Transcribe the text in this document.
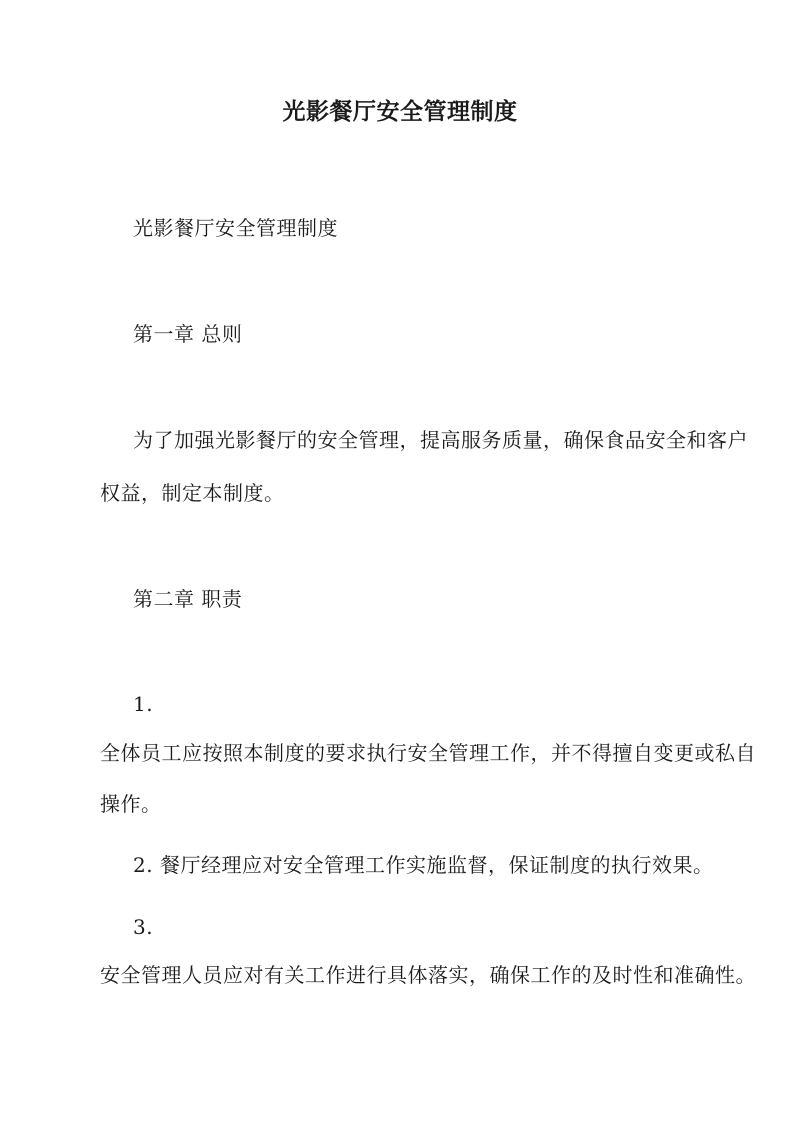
光影餐厅安全管理制度
光影餐厅安全管理制度
第一章 总则
为了加强光影餐厅的安全管理，提高服务质量，确保食品安全和客户
权益，制定本制度。
第二章 职责
1.
全体员工应按照本制度的要求执行安全管理工作，并不得擅自变更或私自
操作。
2. 餐厅经理应对安全管理工作实施监督，保证制度的执行效果。
3.
安全管理人员应对有关工作进行具体落实，确保工作的及时性和准确性。
